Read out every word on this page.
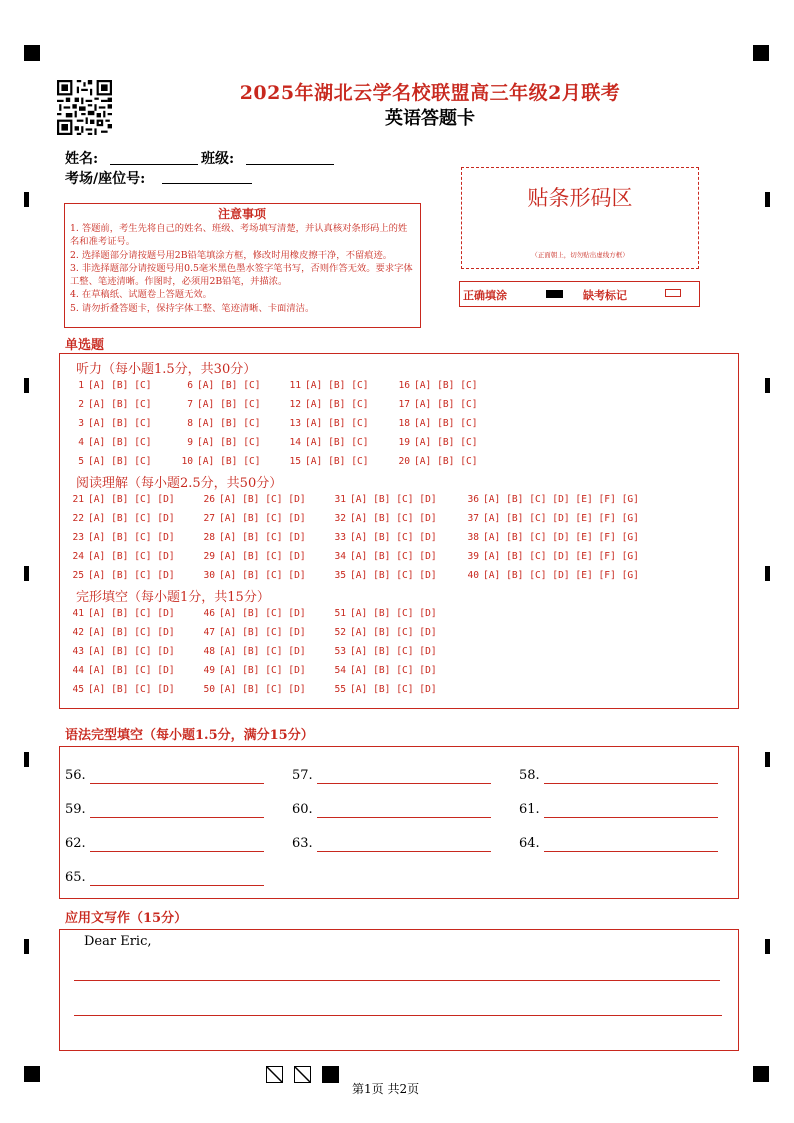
2025年湖北云学名校联盟高三年级2月联考
英语答题卡
姓名:	班级:
考场/座位号:
注意事项
1. 答题前，考生先将自己的姓名、班级、考场填写清楚，并认真核对条形码上的姓名和准考证号。
2. 选择题部分请按题号用2B铅笔填涂方框，修改时用橡皮擦干净，不留痕迹。
3. 非选择题部分请按题号用0.5毫米黑色墨水签字笔书写，否则作答无效。要求字体工整、笔迹清晰。作图时，必须用2B铅笔，并描浓。
4. 在草稿纸、试题卷上答题无效。
5. 请勿折叠答题卡，保持字体工整、笔迹清晰、卡面清洁。
贴条形码区
（正面朝上，切勿贴出虚线方框）
正确填涂	缺考标记
单选题
听力（每小题1.5分，共30分）
阅读理解（每小题2.5分，共50分）
完形填空（每小题1分，共15分）
1 [A] [B] [C]
2 [A] [B] [C]
3 [A] [B] [C]
4 [A] [B] [C]
5 [A] [B] [C]
6 [A] [B] [C]
7 [A] [B] [C]
8 [A] [B] [C]
9 [A] [B] [C]
10 [A] [B] [C]
11 [A] [B] [C]
12 [A] [B] [C]
13 [A] [B] [C]
14 [A] [B] [C]
15 [A] [B] [C]
16 [A] [B] [C]
17 [A] [B] [C]
18 [A] [B] [C]
19 [A] [B] [C]
20 [A] [B] [C]
21 [A] [B] [C] [D]
22 [A] [B] [C] [D]
23 [A] [B] [C] [D]
24 [A] [B] [C] [D]
25 [A] [B] [C] [D]
26 [A] [B] [C] [D]
27 [A] [B] [C] [D]
28 [A] [B] [C] [D]
29 [A] [B] [C] [D]
30 [A] [B] [C] [D]
31 [A] [B] [C] [D]
32 [A] [B] [C] [D]
33 [A] [B] [C] [D]
34 [A] [B] [C] [D]
35 [A] [B] [C] [D]
36 [A] [B] [C] [D] [E] [F] [G]
37 [A] [B] [C] [D] [E] [F] [G]
38 [A] [B] [C] [D] [E] [F] [G]
39 [A] [B] [C] [D] [E] [F] [G]
40 [A] [B] [C] [D] [E] [F] [G]
41 [A] [B] [C] [D]
42 [A] [B] [C] [D]
43 [A] [B] [C] [D]
44 [A] [B] [C] [D]
45 [A] [B] [C] [D]
46 [A] [B] [C] [D]
47 [A] [B] [C] [D]
48 [A] [B] [C] [D]
49 [A] [B] [C] [D]
50 [A] [B] [C] [D]
51 [A] [B] [C] [D]
52 [A] [B] [C] [D]
53 [A] [B] [C] [D]
54 [A] [B] [C] [D]
55 [A] [B] [C] [D]
语法完型填空（每小题1.5分，满分15分）
56.	57.	58.
59.	60.	61.
62.	63.	64.
65.
应用文写作（15分）
Dear Eric,
第1页 共2页
